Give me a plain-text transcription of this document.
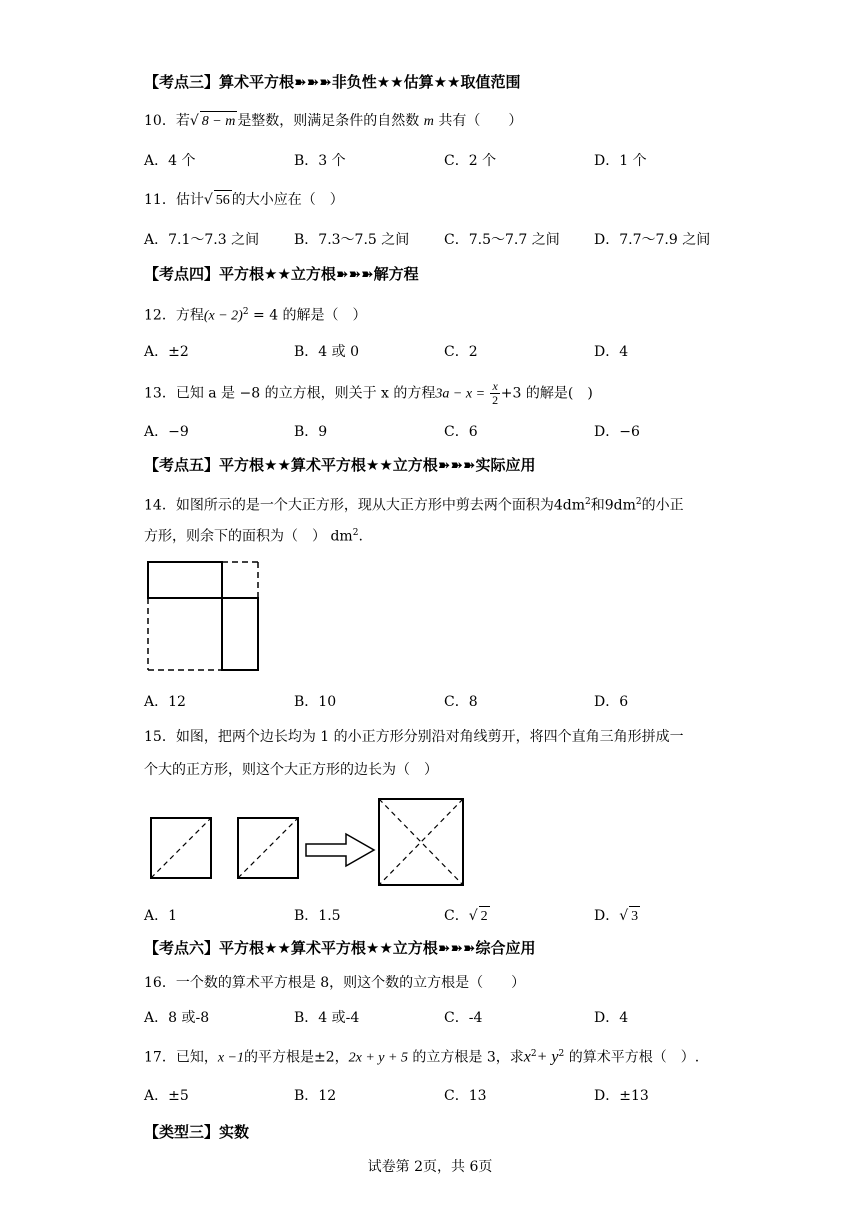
【考点三】算术平方根➽➽➽非负性★★估算★★取值范围
10．若√ 8 − m 是整数，则满足条件的自然数 m 共有（　　）
A．4 个	B．3 个	C．2 个	D．1 个
11．估计√ 56 的大小应在（　）
A．7.1～7.3 之间 B．7.3～7.5 之间 C．7.5～7.7 之间 D．7.7～7.9 之间
【考点四】平方根★★立方根➽➽➽解方程
12．方程$(x - 2)^2 = 4$ 的解是（　）
A．±2	B．4 或 0	C．2	D．4
13．已知 a 是 −8 的立方根，则关于 x 的方程$3a - x = \frac{x}{2} +3$ 的解是(　)
A．−9	B．9	C．6	D．−6
【考点五】平方根★★算术平方根★★立方根➽➽➽实际应用
14．如图所示的是一个大正方形，现从大正方形中剪去两个面积为$4dm^2$和$9dm^2$的小正
方形，则余下的面积为（　） $dm^2$.
A．12	B．10	C．8	D．6
15．如图，把两个边长均为 1 的小正方形分别沿对角线剪开，将四个直角三角形拼成一
个大的正方形，则这个大正方形的边长为（　）
A．1	B．1.5	C．√ 2	D．√ 3
【考点六】平方根★★算术平方根★★立方根➽➽➽综合应用
16．一个数的算术平方根是 8，则这个数的立方根是（　　）
A．8 或-8	B．4 或-4	C．-4	D．4
17．已知，x −1的平方根是±2，2x + y + 5 的立方根是 3，求$x^2+ y^2$ 的算术平方根（　）.
A．±5	B．12	C．13	D．±13
【类型三】实数
试卷第 2页，共 6页
